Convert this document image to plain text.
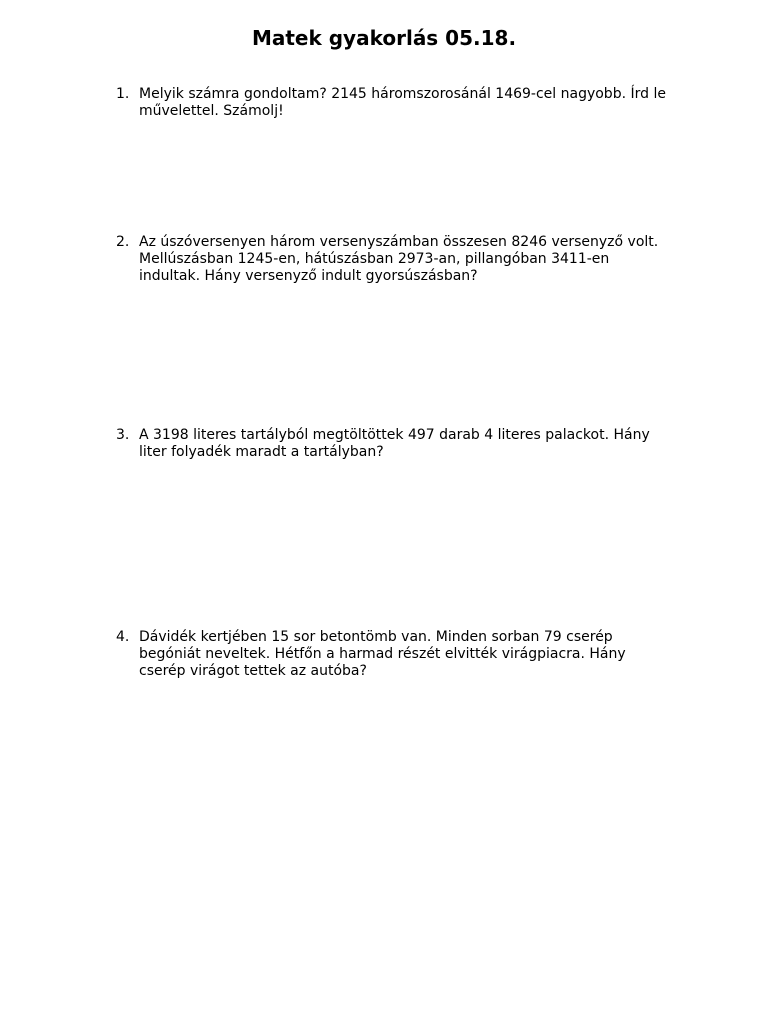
Matek gyakorlás 05.18.
1. Melyik számra gondoltam? 2145 háromszorosánál 1469-cel nagyobb. Írd le
művelettel. Számolj!
2. Az úszóversenyen három versenyszámban összesen 8246 versenyző volt.
Mellúszásban 1245-en, hátúszásban 2973-an, pillangóban 3411-en
indultak. Hány versenyző indult gyorsúszásban?
3. A 3198 literes tartályból megtöltöttek 497 darab 4 literes palackot. Hány
liter folyadék maradt a tartályban?
4. Dávidék kertjében 15 sor betontömb van. Minden sorban 79 cserép
begóniát neveltek. Hétfőn a harmad részét elvitték virágpiacra. Hány
cserép virágot tettek az autóba?
